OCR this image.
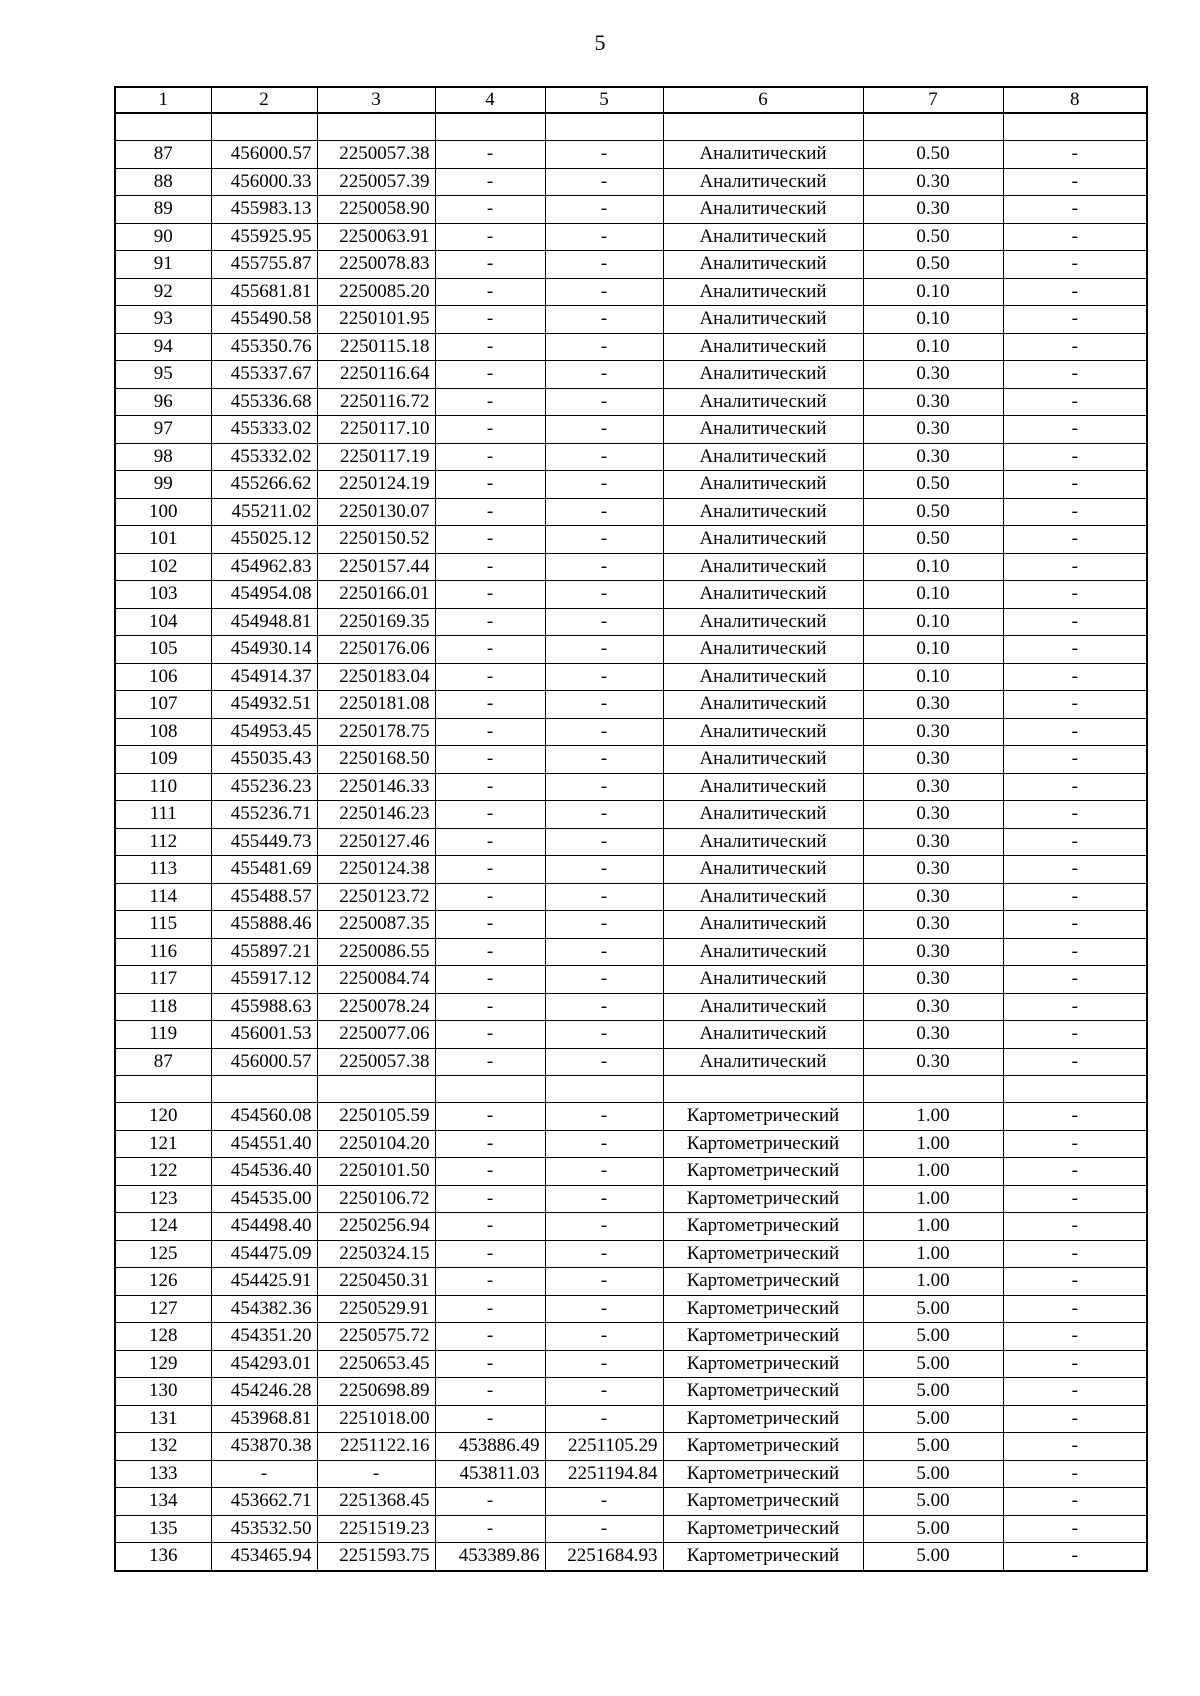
5
1	2	3	4	5	6	7	8

87	456000.57	2250057.38	-	-	Аналитический	0.50	-
88	456000.33	2250057.39	-	-	Аналитический	0.30	-
89	455983.13	2250058.90	-	-	Аналитический	0.30	-
90	455925.95	2250063.91	-	-	Аналитический	0.50	-
91	455755.87	2250078.83	-	-	Аналитический	0.50	-
92	455681.81	2250085.20	-	-	Аналитический	0.10	-
93	455490.58	2250101.95	-	-	Аналитический	0.10	-
94	455350.76	2250115.18	-	-	Аналитический	0.10	-
95	455337.67	2250116.64	-	-	Аналитический	0.30	-
96	455336.68	2250116.72	-	-	Аналитический	0.30	-
97	455333.02	2250117.10	-	-	Аналитический	0.30	-
98	455332.02	2250117.19	-	-	Аналитический	0.30	-
99	455266.62	2250124.19	-	-	Аналитический	0.50	-
100	455211.02	2250130.07	-	-	Аналитический	0.50	-
101	455025.12	2250150.52	-	-	Аналитический	0.50	-
102	454962.83	2250157.44	-	-	Аналитический	0.10	-
103	454954.08	2250166.01	-	-	Аналитический	0.10	-
104	454948.81	2250169.35	-	-	Аналитический	0.10	-
105	454930.14	2250176.06	-	-	Аналитический	0.10	-
106	454914.37	2250183.04	-	-	Аналитический	0.10	-
107	454932.51	2250181.08	-	-	Аналитический	0.30	-
108	454953.45	2250178.75	-	-	Аналитический	0.30	-
109	455035.43	2250168.50	-	-	Аналитический	0.30	-
110	455236.23	2250146.33	-	-	Аналитический	0.30	-
111	455236.71	2250146.23	-	-	Аналитический	0.30	-
112	455449.73	2250127.46	-	-	Аналитический	0.30	-
113	455481.69	2250124.38	-	-	Аналитический	0.30	-
114	455488.57	2250123.72	-	-	Аналитический	0.30	-
115	455888.46	2250087.35	-	-	Аналитический	0.30	-
116	455897.21	2250086.55	-	-	Аналитический	0.30	-
117	455917.12	2250084.74	-	-	Аналитический	0.30	-
118	455988.63	2250078.24	-	-	Аналитический	0.30	-
119	456001.53	2250077.06	-	-	Аналитический	0.30	-
87	456000.57	2250057.38	-	-	Аналитический	0.30	-

120	454560.08	2250105.59	-	-	Картометрический	1.00	-
121	454551.40	2250104.20	-	-	Картометрический	1.00	-
122	454536.40	2250101.50	-	-	Картометрический	1.00	-
123	454535.00	2250106.72	-	-	Картометрический	1.00	-
124	454498.40	2250256.94	-	-	Картометрический	1.00	-
125	454475.09	2250324.15	-	-	Картометрический	1.00	-
126	454425.91	2250450.31	-	-	Картометрический	1.00	-
127	454382.36	2250529.91	-	-	Картометрический	5.00	-
128	454351.20	2250575.72	-	-	Картометрический	5.00	-
129	454293.01	2250653.45	-	-	Картометрический	5.00	-
130	454246.28	2250698.89	-	-	Картометрический	5.00	-
131	453968.81	2251018.00	-	-	Картометрический	5.00	-
132	453870.38	2251122.16	453886.49	2251105.29	Картометрический	5.00	-
133	-	-	453811.03	2251194.84	Картометрический	5.00	-
134	453662.71	2251368.45	-	-	Картометрический	5.00	-
135	453532.50	2251519.23	-	-	Картометрический	5.00	-
136	453465.94	2251593.75	453389.86	2251684.93	Картометрический	5.00	-
